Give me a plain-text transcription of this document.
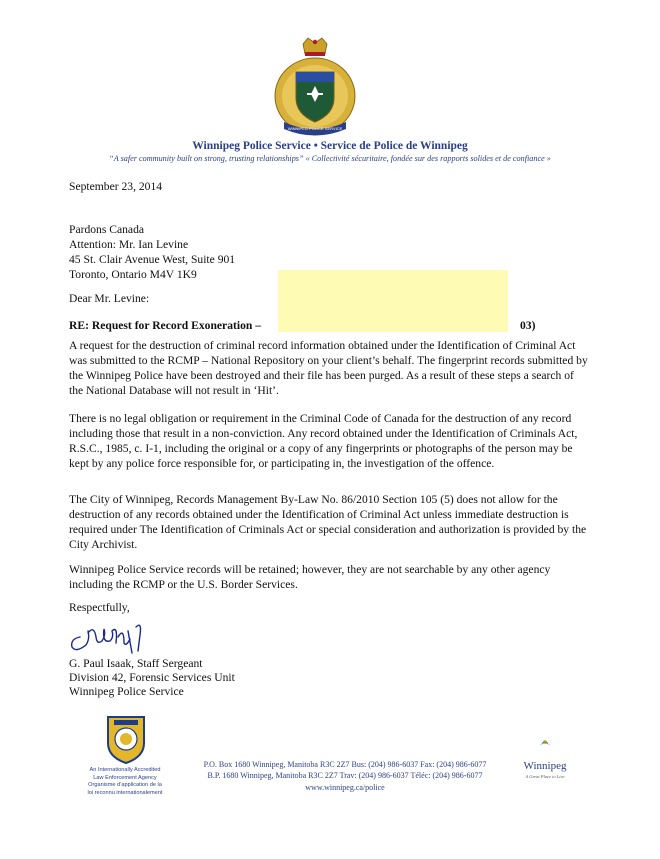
WINNIPEG POLICE SERVICE
Winnipeg Police Service • Service de Police de Winnipeg
“A safer community built on strong, trusting relationships” « Collectivité sécuritaire, fondée sur des rapports solides et de confiance »
September 23, 2014
Pardons Canada
Attention: Mr. Ian Levine
45 St. Clair Avenue West, Suite 901
Toronto, Ontario M4V 1K9
Dear Mr. Levine:
RE: Request for Record Exoneration –	03)
A request for the destruction of criminal record information obtained under the Identification of Criminal Act was submitted to the RCMP – National Repository on your client’s behalf. The fingerprint records submitted by the Winnipeg Police have been destroyed and their file has been purged. As a result of these steps a search of the National Database will not result in ‘Hit’.
There is no legal obligation or requirement in the Criminal Code of Canada for the destruction of any record including those that result in a non-conviction. Any record obtained under the Identification of Criminals Act, R.S.C., 1985, c. I-1, including the original or a copy of any fingerprints or photographs of the person may be kept by any police force responsible for, or participating in, the investigation of the offence.
The City of Winnipeg, Records Management By-Law No. 86/2010 Section 105 (5) does not allow for the destruction of any records obtained under the Identification of Criminal Act unless immediate destruction is required under The Identification of Criminals Act or special consideration and authorization is provided by the City Archivist.
Winnipeg Police Service records will be retained; however, they are not searchable by any other agency including the RCMP or the U.S. Border Services.
Respectfully,
G. Paul Isaak, Staff Sergeant
Division 42, Forensic Services Unit
Winnipeg Police Service
An Internationally Accredited
Law Enforcement Agency
Organisme d’application de la
loi reconnu internationalement
P.O. Box 1680 Winnipeg, Manitoba R3C 2Z7 Bus: (204) 986-6037 Fax: (204) 986-6077
B.P. 1680 Winnipeg, Manitoba R3C 2Z7 Trav: (204) 986-6037 Téléc: (204) 986-6077
www.winnipeg.ca/police
Winnipeg
A Great Place to Live
